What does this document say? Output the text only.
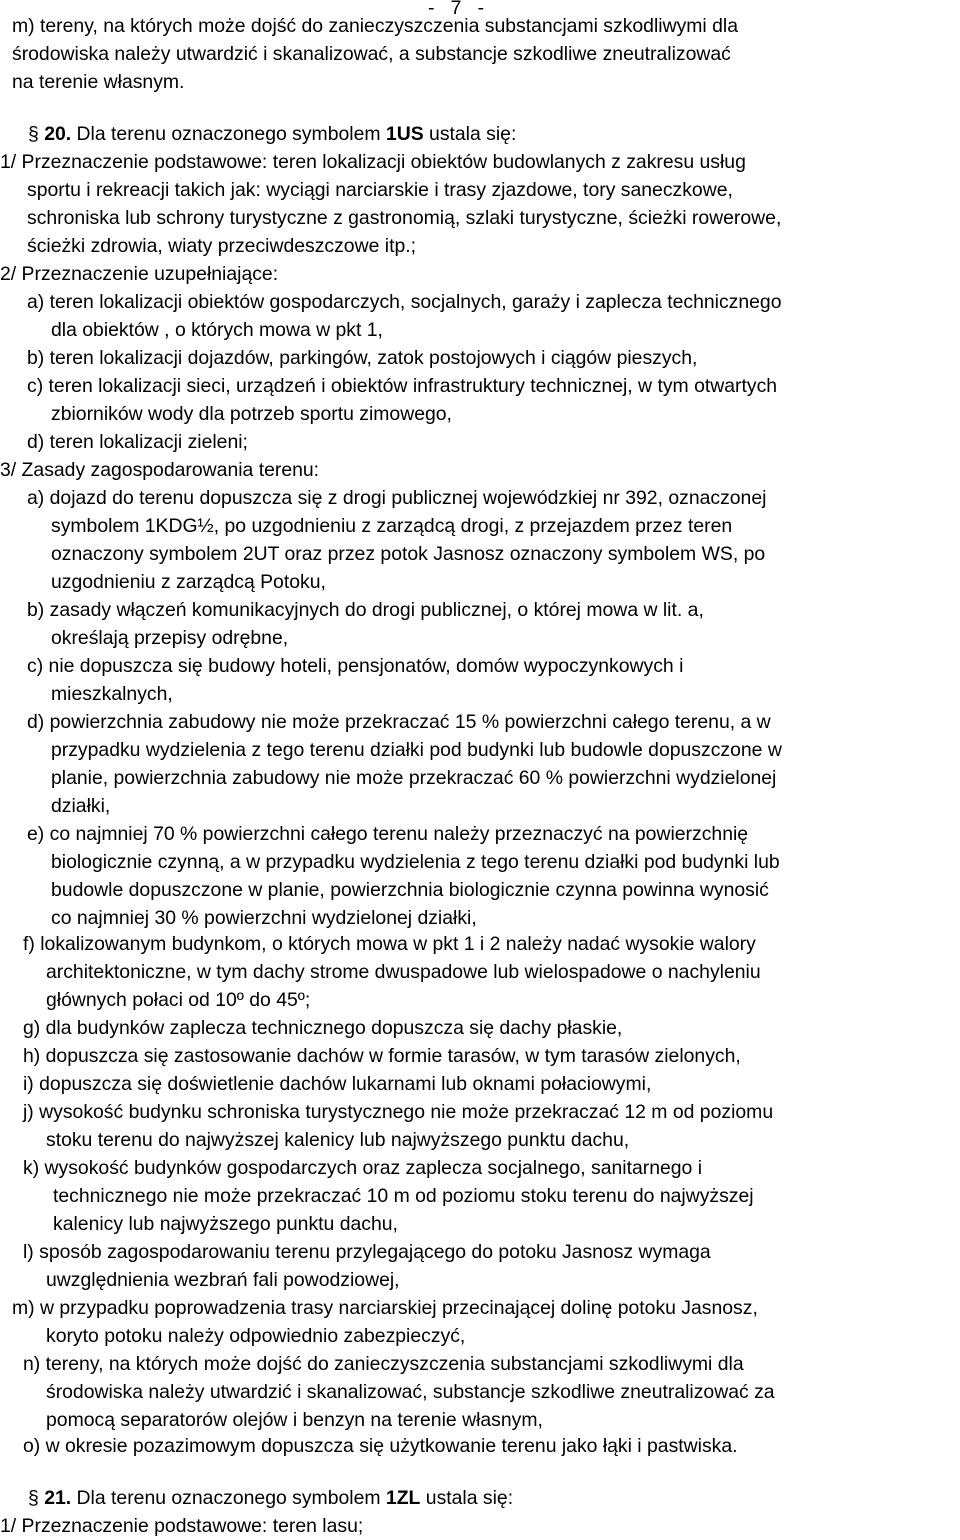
-   7   -
m) tereny, na których może dojść do zanieczyszczenia substancjami szkodliwymi dla
środowiska należy utwardzić i skanalizować, a substancje szkodliwe zneutralizować
na terenie własnym.
§ 20. Dla terenu oznaczonego symbolem 1US ustala się:
1/ Przeznaczenie podstawowe: teren lokalizacji obiektów budowlanych z zakresu usług
sportu i rekreacji takich jak: wyciągi narciarskie i trasy zjazdowe, tory saneczkowe,
schroniska lub schrony turystyczne z gastronomią, szlaki turystyczne, ścieżki rowerowe,
ścieżki zdrowia, wiaty przeciwdeszczowe itp.;
2/ Przeznaczenie uzupełniające:
a) teren lokalizacji obiektów gospodarczych, socjalnych, garaży i zaplecza technicznego
dla obiektów , o których mowa w pkt 1,
b) teren lokalizacji dojazdów, parkingów, zatok postojowych i ciągów pieszych,
c) teren lokalizacji sieci, urządzeń i obiektów infrastruktury technicznej, w tym otwartych
zbiorników wody dla potrzeb sportu zimowego,
d) teren lokalizacji zieleni;
3/ Zasady zagospodarowania terenu:
a) dojazd do terenu dopuszcza się z drogi publicznej wojewódzkiej nr 392, oznaczonej
symbolem 1KDG½, po uzgodnieniu z zarządcą drogi, z przejazdem przez teren
oznaczony symbolem 2UT oraz przez potok Jasnosz oznaczony symbolem WS, po
uzgodnieniu z zarządcą Potoku,
b) zasady włączeń komunikacyjnych do drogi publicznej, o której mowa w lit. a,
określają przepisy odrębne,
c) nie dopuszcza się budowy hoteli, pensjonatów, domów wypoczynkowych i
mieszkalnych,
d) powierzchnia zabudowy nie może przekraczać 15 % powierzchni całego terenu, a w
przypadku wydzielenia z tego terenu działki pod budynki lub budowle dopuszczone w
planie, powierzchnia zabudowy nie może przekraczać 60 % powierzchni wydzielonej
działki,
e) co najmniej 70 % powierzchni całego terenu należy przeznaczyć na powierzchnię
biologicznie czynną, a w przypadku wydzielenia z tego terenu działki pod budynki lub
budowle dopuszczone w planie, powierzchnia biologicznie czynna powinna wynosić
co najmniej 30 % powierzchni wydzielonej działki,
f) lokalizowanym budynkom, o których mowa w pkt 1 i 2 należy nadać wysokie walory
architektoniczne, w tym dachy strome dwuspadowe lub wielospadowe o nachyleniu
głównych połaci od 10º do 45º;
g) dla budynków zaplecza technicznego dopuszcza się dachy płaskie,
h) dopuszcza się zastosowanie dachów w formie tarasów, w tym tarasów zielonych,
i) dopuszcza się doświetlenie dachów lukarnami lub oknami połaciowymi,
j) wysokość budynku schroniska turystycznego nie może przekraczać 12 m od poziomu
stoku terenu do najwyższej kalenicy lub najwyższego punktu dachu,
k) wysokość budynków gospodarczych oraz zaplecza socjalnego, sanitarnego i
technicznego nie może przekraczać 10 m od poziomu stoku terenu do najwyższej
kalenicy lub najwyższego punktu dachu,
l) sposób zagospodarowaniu terenu przylegającego do potoku Jasnosz wymaga
uwzględnienia wezbrań fali powodziowej,
m) w przypadku poprowadzenia trasy narciarskiej przecinającej dolinę potoku Jasnosz,
koryto potoku należy odpowiednio zabezpieczyć,
n) tereny, na których może dojść do zanieczyszczenia substancjami szkodliwymi dla
środowiska należy utwardzić i skanalizować, substancje szkodliwe zneutralizować za
pomocą separatorów olejów i benzyn na terenie własnym,
o) w okresie pozazimowym dopuszcza się użytkowanie terenu jako łąki i pastwiska.
§ 21. Dla terenu oznaczonego symbolem 1ZL ustala się:
1/ Przeznaczenie podstawowe: teren lasu;
